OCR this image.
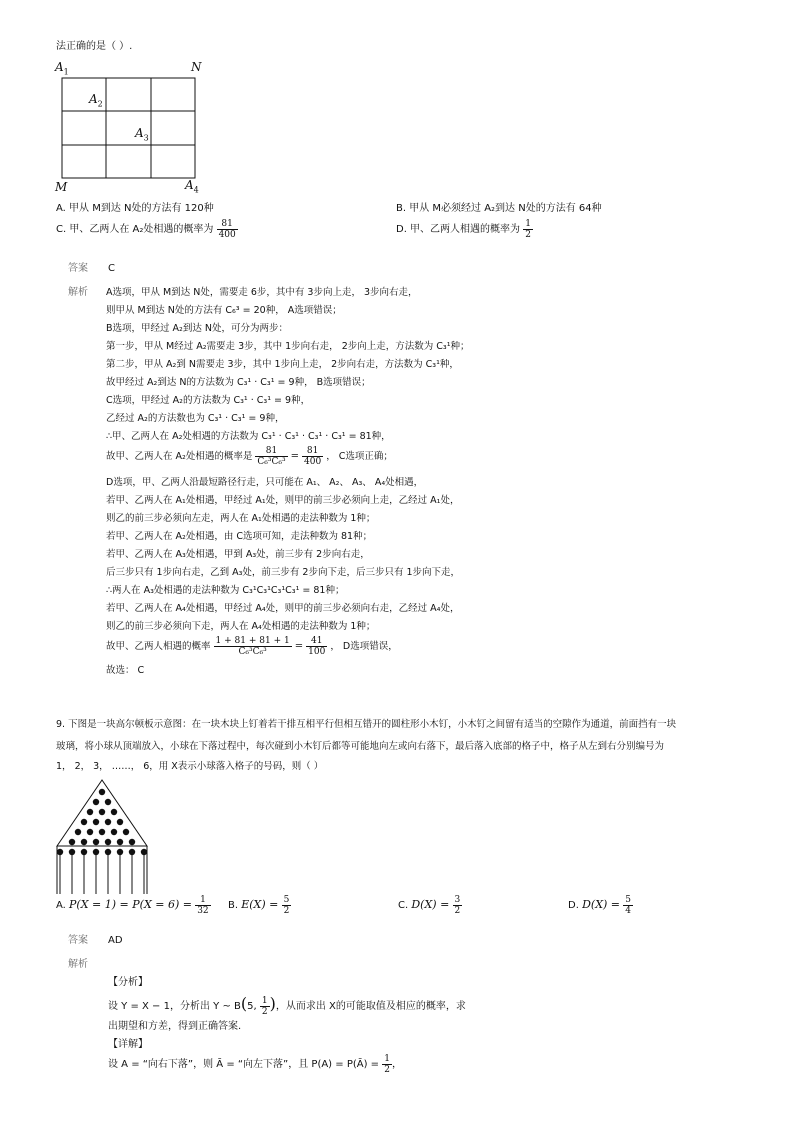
法正确的是（ ）.
$A_1$	N
$A_2$
$A_3$
M	$A_4$
A. 甲从 M到达 N处的方法有 120种	B. 甲从 M必须经过 A₂到达 N处的方法有 64种
C. 甲、乙两人在 A₂处相遇的概率为 $\frac{81}{400}$	D. 甲、乙两人相遇的概率为 $\frac{1}{2}$
答案 C
解析 A选项，甲从 M到达 N处，需要走 6步，其中有 3步向上走， 3步向右走，
则甲从 M到达 N处的方法有 C₆³ = 20种， A选项错误；
B选项，甲经过 A₂到达 N处，可分为两步：
第一步，甲从 M经过 A₂需要走 3步，其中 1步向右走， 2步向上走，方法数为 C₃¹种；
第二步，甲从 A₂到 N需要走 3步，其中 1步向上走， 2步向右走，方法数为 C₃¹种，
故甲经过 A₂到达 N的方法数为 C₃¹ · C₃¹ = 9种， B选项错误；
C选项，甲经过 A₂的方法数为 C₃¹ · C₃¹ = 9种，
乙经过 A₂的方法数也为 C₃¹ · C₃¹ = 9种，
∴甲、乙两人在 A₂处相遇的方法数为 C₃¹ · C₃¹ · C₃¹ · C₃¹ = 81种，
故甲、乙两人在 A₂处相遇的概率是 $\frac{81}{\text{C₆³C₆³}} = \frac{81}{400}$ ， C选项正确；
D选项，甲、乙两人沿最短路径行走，只可能在 A₁、 A₂、 A₃、 A₄处相遇，
若甲、乙两人在 A₁处相遇，甲经过 A₁处，则甲的前三步必须向上走，乙经过 A₁处，
则乙的前三步必须向左走，两人在 A₁处相遇的走法种数为 1种；
若甲、乙两人在 A₂处相遇，由 C选项可知，走法种数为 81种；
若甲、乙两人在 A₃处相遇，甲到 A₃处，前三步有 2步向右走，
后三步只有 1步向右走，乙到 A₃处，前三步有 2步向下走，后三步只有 1步向下走，
∴两人在 A₃处相遇的走法种数为 C₃¹C₃¹C₃¹C₃¹ = 81种；
若甲、乙两人在 A₄处相遇，甲经过 A₄处，则甲的前三步必须向右走，乙经过 A₄处，
则乙的前三步必须向下走，两人在 A₄处相遇的走法种数为 1种；
故甲、乙两人相遇的概率 $\frac{1 + 81 + 81 + 1}{\text{C₆³C₆³}} = \frac{41}{100}$ ， D选项错误，
故选： C
9. 下图是一块高尔顿板示意图：在一块木块上钉着若干排互相平行但相互错开的圆柱形小木钉，小木钉之间留有适当的空隙作为通道，前面挡有一块
玻璃，将小球从顶端放入，小球在下落过程中，每次碰到小木钉后都等可能地向左或向右落下，最后落入底部的格子中，格子从左到右分别编号为
1， 2， 3， ……， 6，用 X表示小球落入格子的号码，则（ ）
A. $P(X = 1) = P(X = 6) = \frac{1}{32} B$. $E(X) = \frac{5}{2}$	C. $D(X) = \frac{3}{2}$	D. $D(X) = \frac{5}{4}$
答案 AD
解析
【分析】
设 Y = X − 1，分析出 Y ~ B(5, $\frac{1}{2}$ )，从而求出 X的可能取值及相应的概率，求
出期望和方差，得到正确答案.
【详解】
设 A = “向右下落”，则 Ā = “向左下落”，且 P(A) = P(Ā) = $\frac{1}{2}$ ，
